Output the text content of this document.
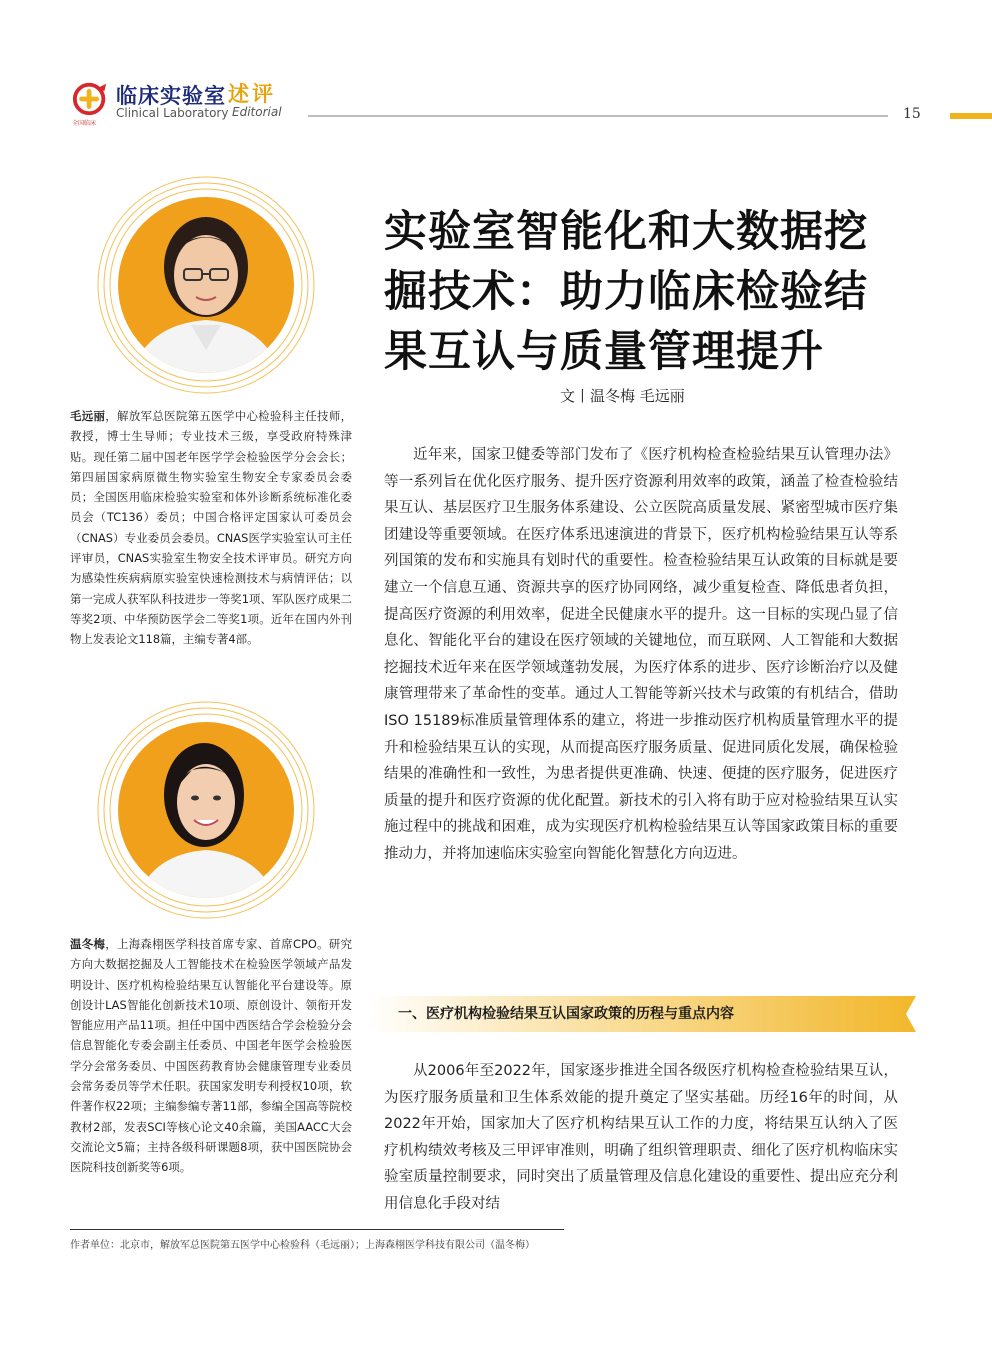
临床实验室
Clinical Laboratory
全国临床
述评
Editorial	15
实验室智能化和大数据挖掘技术：助力临床检验结果互认与质量管理提升
文丨温冬梅 毛远丽
毛远丽，解放军总医院第五医学中心检验科主任技师，教授，博士生导师；专业技术三级，享受政府特殊津贴。现任第二届中国老年医学学会检验医学分会会长；第四届国家病原微生物实验室生物安全专家委员会委员；全国医用临床检验实验室和体外诊断系统标准化委员会（TC136）委员；中国合格评定国家认可委员会（CNAS）专业委员会委员。CNAS医学实验室认可主任评审员，CNAS实验室生物安全技术评审员。研究方向为感染性疾病病原实验室快速检测技术与病情评估；以第一完成人获军队科技进步一等奖1项、军队医疗成果二等奖2项、中华预防医学会二等奖1项。近年在国内外刊物上发表论文118篇，主编专著4部。
近年来，国家卫健委等部门发布了《医疗机构检查检验结果互认管理办法》等一系列旨在优化医疗服务、提升医疗资源利用效率的政策，涵盖了检查检验结果互认、基层医疗卫生服务体系建设、公立医院高质量发展、紧密型城市医疗集团建设等重要领域。在医疗体系迅速演进的背景下，医疗机构检验结果互认等系列国策的发布和实施具有划时代的重要性。检查检验结果互认政策的目标就是要建立一个信息互通、资源共享的医疗协同网络，减少重复检查、降低患者负担，提高医疗资源的利用效率，促进全民健康水平的提升。这一目标的实现凸显了信息化、智能化平台的建设在医疗领域的关键地位，而互联网、人工智能和大数据挖掘技术近年来在医学领域蓬勃发展，为医疗体系的进步、医疗诊断治疗以及健康管理带来了革命性的变革。通过人工智能等新兴技术与政策的有机结合，借助ISO 15189标准质量管理体系的建立，将进一步推动医疗机构质量管理水平的提升和检验结果互认的实现，从而提高医疗服务质量、促进同质化发展，确保检验结果的准确性和一致性，为患者提供更准确、快速、便捷的医疗服务，促进医疗质量的提升和医疗资源的优化配置。新技术的引入将有助于应对检验结果互认实施过程中的挑战和困难，成为实现医疗机构检验结果互认等国家政策目标的重要推动力，并将加速临床实验室向智能化智慧化方向迈进。
温冬梅，上海森栩医学科技首席专家、首席CPO。研究方向大数据挖掘及人工智能技术在检验医学领域产品发明设计、医疗机构检验结果互认智能化平台建设等。原创设计LAS智能化创新技术10项、原创设计、领衔开发智能应用产品11项。担任中国中西医结合学会检验分会信息智能化专委会副主任委员、中国老年医学会检验医学分会常务委员、中国医药教育协会健康管理专业委员会常务委员等学术任职。获国家发明专利授权10项，软件著作权22项；主编参编专著11部，参编全国高等院校教材2部，发表SCI等核心论文40余篇，美国AACC大会交流论文5篇；主持各级科研课题8项，获中国医院协会医院科技创新奖等6项。
一、医疗机构检验结果互认国家政策的历程与重点内容
从2006年至2022年，国家逐步推进全国各级医疗机构检查检验结果互认，为医疗服务质量和卫生体系效能的提升奠定了坚实基础。历经16年的时间，从2022年开始，国家加大了医疗机构结果互认工作的力度，将结果互认纳入了医疗机构绩效考核及三甲评审准则，明确了组织管理职责、细化了医疗机构临床实验室质量控制要求，同时突出了质量管理及信息化建设的重要性、提出应充分利用信息化手段对结
作者单位：北京市，解放军总医院第五医学中心检验科（毛远丽）；上海森栩医学科技有限公司（温冬梅）
